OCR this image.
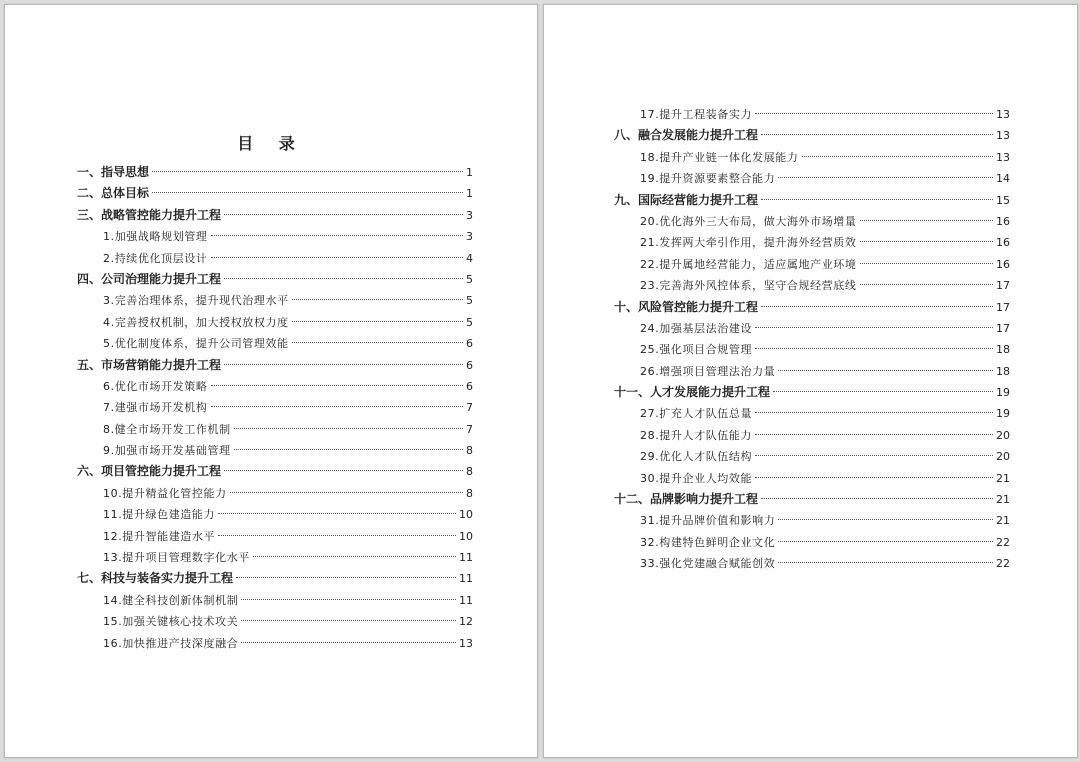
目 录
一、指导思想	1
二、总体目标	1
三、战略管控能力提升工程	3
1.加强战略规划管理	3
2.持续优化顶层设计	4
四、公司治理能力提升工程	5
3.完善治理体系，提升现代治理水平	5
4.完善授权机制，加大授权放权力度	5
5.优化制度体系，提升公司管理效能	6
五、市场营销能力提升工程	6
6.优化市场开发策略	6
7.建强市场开发机构	7
8.健全市场开发工作机制	7
9.加强市场开发基础管理	8
六、项目管控能力提升工程	8
10.提升精益化管控能力	8
11.提升绿色建造能力	10
12.提升智能建造水平	10
13.提升项目管理数字化水平	11
七、科技与装备实力提升工程	11
14.健全科技创新体制机制	11
15.加强关键核心技术攻关	12
16.加快推进产技深度融合	13
17.提升工程装备实力	13
八、融合发展能力提升工程	13
18.提升产业链一体化发展能力	13
19.提升资源要素整合能力	14
九、国际经营能力提升工程	15
20.优化海外三大布局，做大海外市场增量	16
21.发挥两大牵引作用，提升海外经营质效	16
22.提升属地经营能力，适应属地产业环境	16
23.完善海外风控体系，坚守合规经营底线	17
十、风险管控能力提升工程	17
24.加强基层法治建设	17
25.强化项目合规管理	18
26.增强项目管理法治力量	18
十一、人才发展能力提升工程	19
27.扩充人才队伍总量	19
28.提升人才队伍能力	20
29.优化人才队伍结构	20
30.提升企业人均效能	21
十二、品牌影响力提升工程	21
31.提升品牌价值和影响力	21
32.构建特色鲜明企业文化	22
33.强化党建融合赋能创效	22
